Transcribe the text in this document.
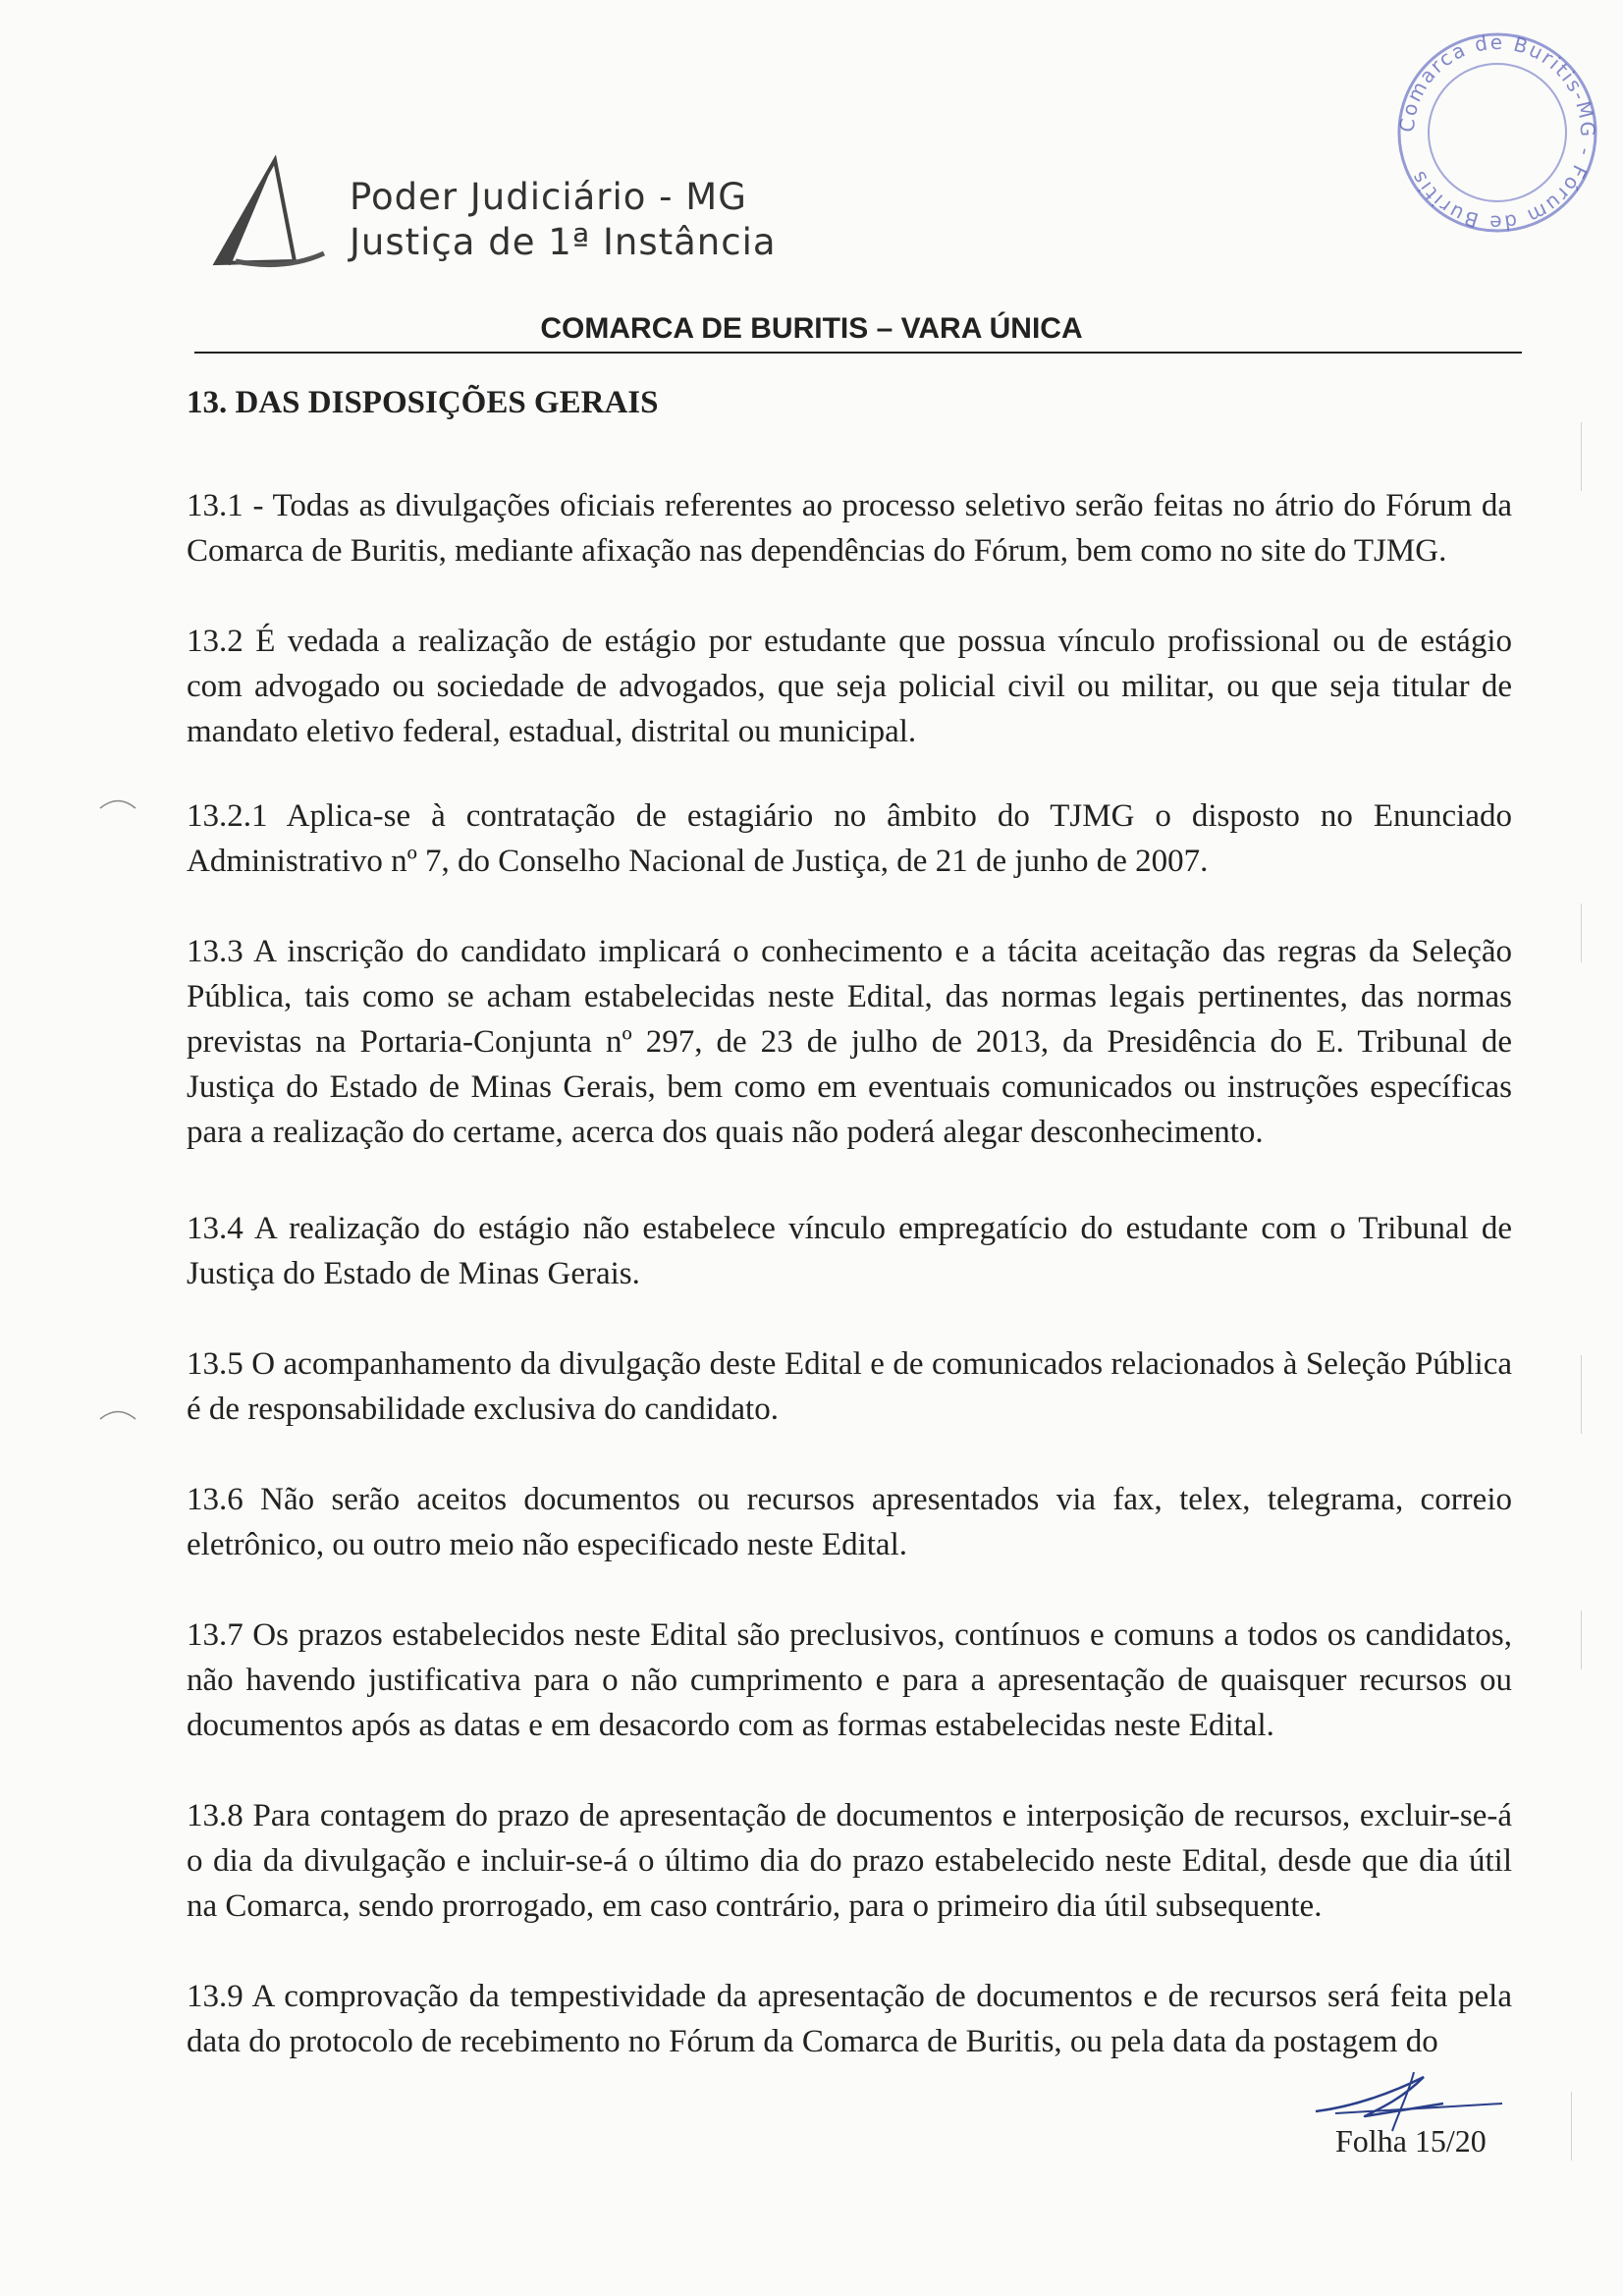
Poder Judiciário - MG
Justiça de 1ª Instância
Comarca de Buritis-MG - Fórum de Buritis
COMARCA DE BURITIS – VARA ÚNICA
13. DAS DISPOSIÇÕES GERAIS
13.1 - Todas as divulgações oficiais referentes ao processo seletivo serão feitas no átrio do Fórum da Comarca de Buritis, mediante afixação nas dependências do Fórum, bem como no site do TJMG.
13.2 É vedada a realização de estágio por estudante que possua vínculo profissional ou de estágio com advogado ou sociedade de advogados, que seja policial civil ou militar, ou que seja titular de mandato eletivo federal, estadual, distrital ou municipal.
13.2.1 Aplica-se à contratação de estagiário no âmbito do TJMG o disposto no Enunciado Administrativo nº 7, do Conselho Nacional de Justiça, de 21 de junho de 2007.
13.3 A inscrição do candidato implicará o conhecimento e a tácita aceitação das regras da Seleção Pública, tais como se acham estabelecidas neste Edital, das normas legais pertinentes, das normas previstas na Portaria-Conjunta nº 297, de 23 de julho de 2013, da Presidência do E. Tribunal de Justiça do Estado de Minas Gerais, bem como em eventuais comunicados ou instruções específicas para a realização do certame, acerca dos quais não poderá alegar desconhecimento.
13.4 A realização do estágio não estabelece vínculo empregatício do estudante com o Tribunal de Justiça do Estado de Minas Gerais.
13.5 O acompanhamento da divulgação deste Edital e de comunicados relacionados à Seleção Pública é de responsabilidade exclusiva do candidato.
13.6 Não serão aceitos documentos ou recursos apresentados via fax, telex, telegrama, correio eletrônico, ou outro meio não especificado neste Edital.
13.7 Os prazos estabelecidos neste Edital são preclusivos, contínuos e comuns a todos os candidatos, não havendo justificativa para o não cumprimento e para a apresentação de quaisquer recursos ou documentos após as datas e em desacordo com as formas estabelecidas neste Edital.
13.8 Para contagem do prazo de apresentação de documentos e interposição de recursos, excluir-se-á o dia da divulgação e incluir-se-á o último dia do prazo estabelecido neste Edital, desde que dia útil na Comarca, sendo prorrogado, em caso contrário, para o primeiro dia útil subsequente.
13.9 A comprovação da tempestividade da apresentação de documentos e de recursos será feita pela data do protocolo de recebimento no Fórum da Comarca de Buritis, ou pela data da postagem do
Folha 15/20
